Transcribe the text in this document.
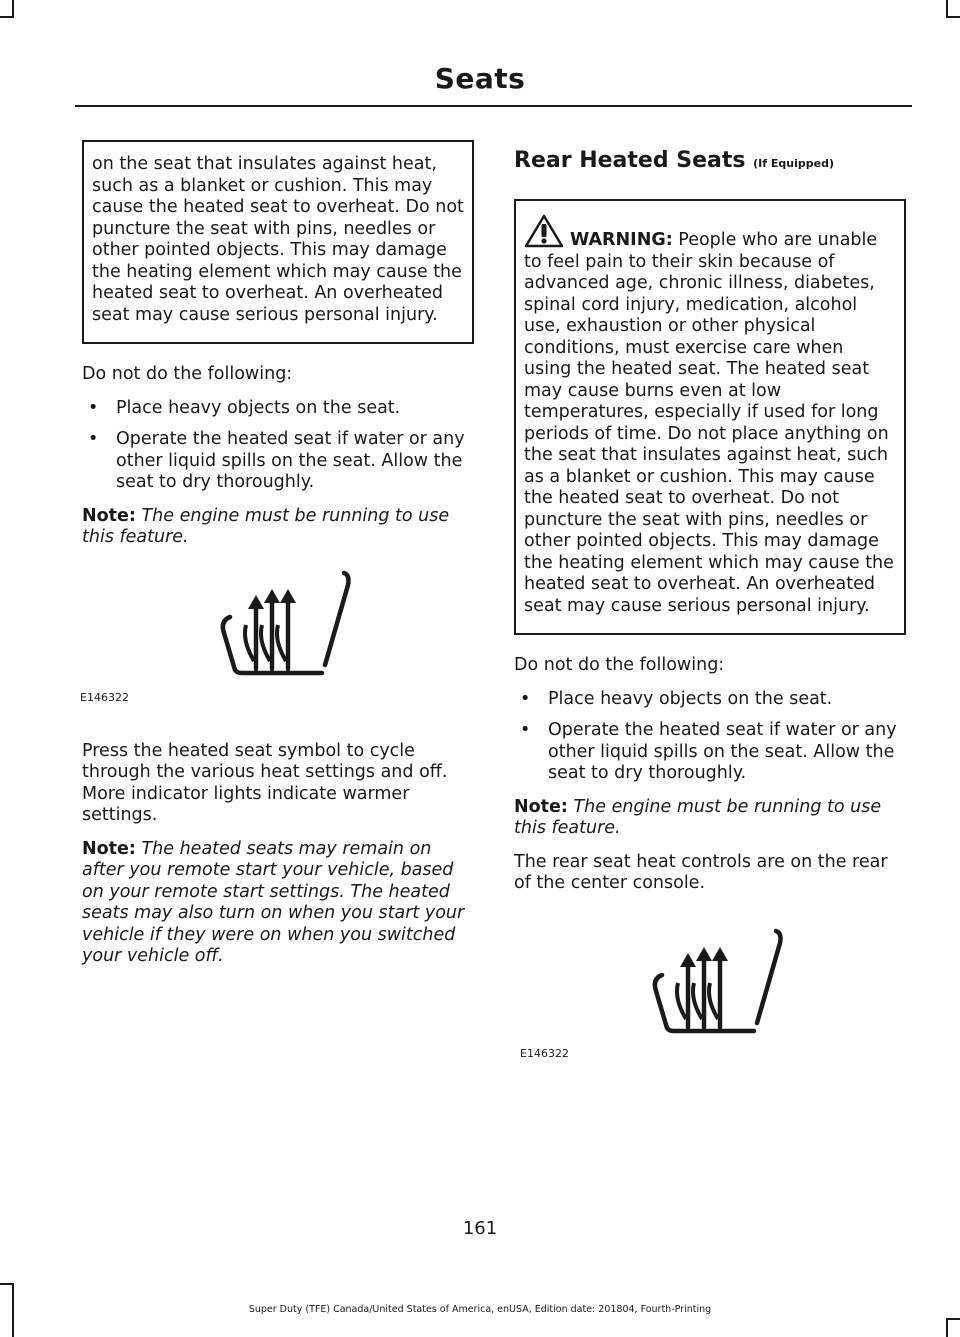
Seats

on the seat that insulates against heat, such as a blanket or cushion. This may cause the heated seat to overheat. Do not puncture the seat with pins, needles or other pointed objects. This may damage the heating element which may cause the heated seat to overheat. An overheated seat may cause serious personal injury.

Do not do the following:

• Place heavy objects on the seat.
• Operate the heated seat if water or any other liquid spills on the seat. Allow the seat to dry thoroughly.

Note: The engine must be running to use this feature.

E146322

Press the heated seat symbol to cycle through the various heat settings and off. More indicator lights indicate warmer settings.

Note: The heated seats may remain on after you remote start your vehicle, based on your remote start settings. The heated seats may also turn on when you start your vehicle if they were on when you switched your vehicle off.

Rear Heated Seats (If Equipped)

WARNING: People who are unable to feel pain to their skin because of advanced age, chronic illness, diabetes, spinal cord injury, medication, alcohol use, exhaustion or other physical conditions, must exercise care when using the heated seat. The heated seat may cause burns even at low temperatures, especially if used for long periods of time. Do not place anything on the seat that insulates against heat, such as a blanket or cushion. This may cause the heated seat to overheat. Do not puncture the seat with pins, needles or other pointed objects. This may damage the heating element which may cause the heated seat to overheat. An overheated seat may cause serious personal injury.

Do not do the following:

• Place heavy objects on the seat.
• Operate the heated seat if water or any other liquid spills on the seat. Allow the seat to dry thoroughly.

Note: The engine must be running to use this feature.

The rear seat heat controls are on the rear of the center console.

E146322
161
Super Duty (TFE) Canada/United States of America, enUSA, Edition date: 201804, Fourth-Printing
